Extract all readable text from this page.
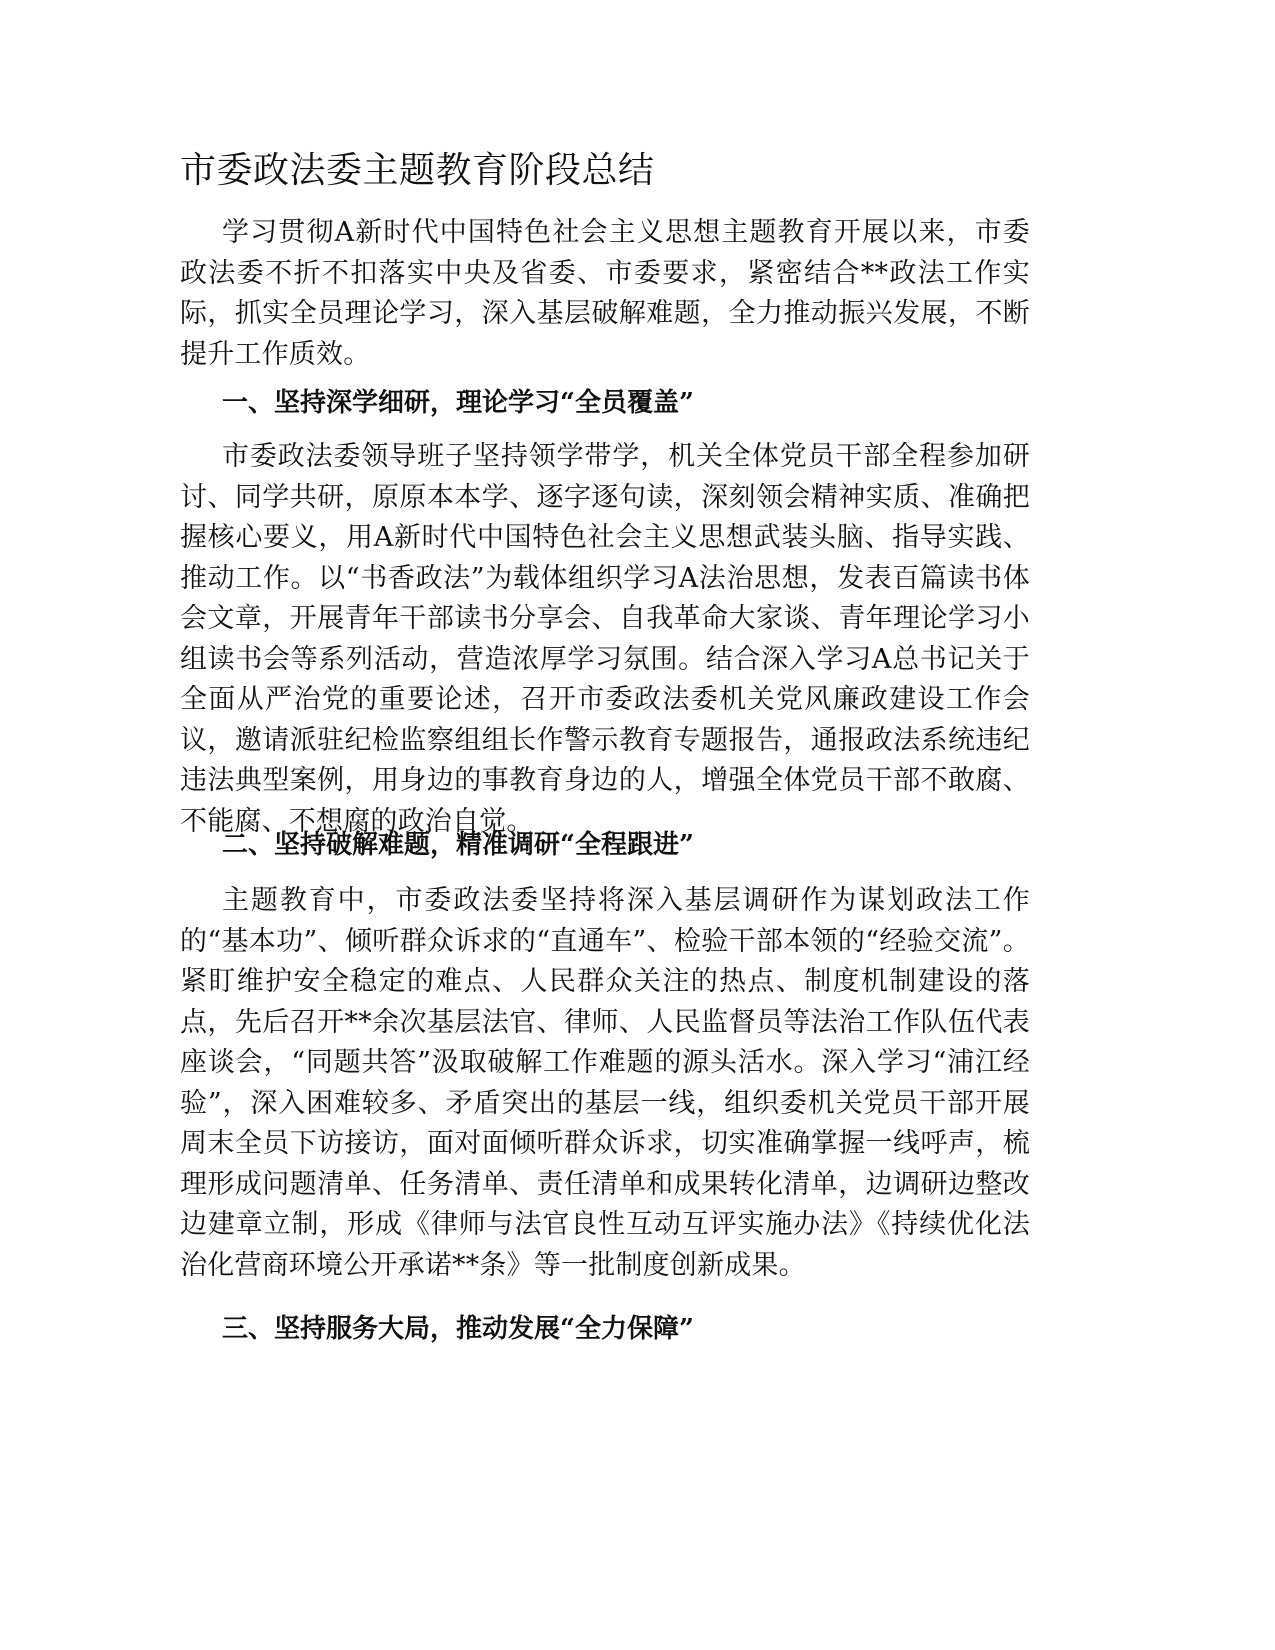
市委政法委主题教育阶段总结

学习贯彻A新时代中国特色社会主义思想主题教育开展以来，市委政法委不折不扣落实中央及省委、市委要求，紧密结合**政法工作实际，抓实全员理论学习，深入基层破解难题，全力推动振兴发展，不断提升工作质效。

一、坚持深学细研，理论学习“全员覆盖”

市委政法委领导班子坚持领学带学，机关全体党员干部全程参加研讨、同学共研，原原本本学、逐字逐句读，深刻领会精神实质、准确把握核心要义，用A新时代中国特色社会主义思想武装头脑、指导实践、推动工作。以“书香政法”为载体组织学习A法治思想，发表百篇读书体会文章，开展青年干部读书分享会、自我革命大家谈、青年理论学习小组读书会等系列活动，营造浓厚学习氛围。结合深入学习A总书记关于全面从严治党的重要论述，召开市委政法委机关党风廉政建设工作会议，邀请派驻纪检监察组组长作警示教育专题报告，通报政法系统违纪违法典型案例，用身边的事教育身边的人，增强全体党员干部不敢腐、不能腐、不想腐的政治自觉。

二、坚持破解难题，精准调研“全程跟进”

主题教育中，市委政法委坚持将深入基层调研作为谋划政法工作的“基本功”、倾听群众诉求的“直通车”、检验干部本领的“经验交流”。紧盯维护安全稳定的难点、人民群众关注的热点、制度机制建设的落点，先后召开**余次基层法官、律师、人民监督员等法治工作队伍代表座谈会，“同题共答”汲取破解工作难题的源头活水。深入学习“浦江经验”，深入困难较多、矛盾突出的基层一线，组织委机关党员干部开展周末全员下访接访，面对面倾听群众诉求，切实准确掌握一线呼声，梳理形成问题清单、任务清单、责任清单和成果转化清单，边调研边整改边建章立制，形成《律师与法官良性互动互评实施办法》《持续优化法治化营商环境公开承诺**条》等一批制度创新成果。

三、坚持服务大局，推动发展“全力保障”
